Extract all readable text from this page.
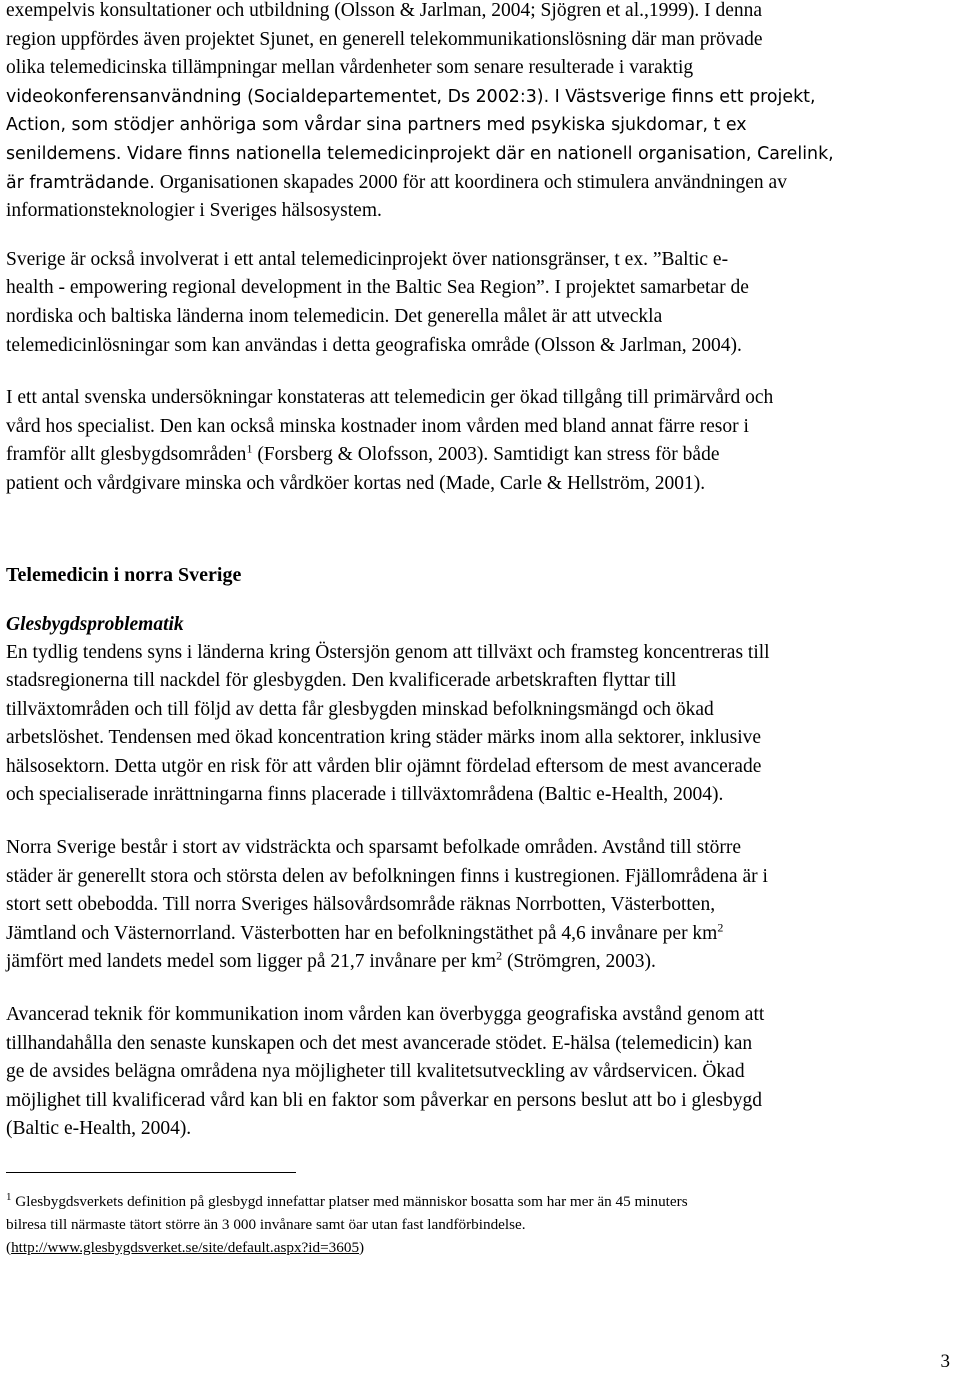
exempelvis konsultationer och utbildning (Olsson & Jarlman, 2004; Sjögren et al.,1999). I denna
region uppfördes även projektet Sjunet, en generell telekommunikationslösning där man prövade
olika telemedicinska tillämpningar mellan vårdenheter som senare resulterade i varaktig
videokonferensanvändning (Socialdepartementet, Ds 2002:3). I Västsverige finns ett projekt,
Action, som stödjer anhöriga som vårdar sina partners med psykiska sjukdomar, t ex
senildemens. Vidare finns nationella telemedicinprojekt där en nationell organisation, Carelink,
är framträdande. Organisationen skapades 2000 för att koordinera och stimulera användningen av
informationsteknologier i Sveriges hälsosystem.

Sverige är också involverat i ett antal telemedicinprojekt över nationsgränser, t ex. ”Baltic e-
health - empowering regional development in the Baltic Sea Region”. I projektet samarbetar de
nordiska och baltiska länderna inom telemedicin. Det generella målet är att utveckla
telemedicinlösningar som kan användas i detta geografiska område (Olsson & Jarlman, 2004).

I ett antal svenska undersökningar konstateras att telemedicin ger ökad tillgång till primärvård och
vård hos specialist. Den kan också minska kostnader inom vården med bland annat färre resor i
framför allt glesbygdsområden$^1$ (Forsberg & Olofsson, 2003). Samtidigt kan stress för både
patient och vårdgivare minska och vårdköer kortas ned (Made, Carle & Hellström, 2001).

Telemedicin i norra Sverige
Glesbygdsproblematik

En tydlig tendens syns i länderna kring Östersjön genom att tillväxt och framsteg koncentreras till
stadsregionerna till nackdel för glesbygden. Den kvalificerade arbetskraften flyttar till
tillväxtområden och till följd av detta får glesbygden minskad befolkningsmängd och ökad
arbetslöshet. Tendensen med ökad koncentration kring städer märks inom alla sektorer, inklusive
hälsosektorn. Detta utgör en risk för att vården blir ojämnt fördelad eftersom de mest avancerade
och specialiserade inrättningarna finns placerade i tillväxtområdena (Baltic e-Health, 2004).

Norra Sverige består i stort av vidsträckta och sparsamt befolkade områden. Avstånd till större
städer är generellt stora och största delen av befolkningen finns i kustregionen. Fjällområdena är i
stort sett obebodda. Till norra Sveriges hälsovårdsområde räknas Norrbotten, Västerbotten,
Jämtland och Västernorrland. Västerbotten har en befolkningstäthet på 4,6 invånare per $km^2$
jämfört med landets medel som ligger på 21,7 invånare per $km^2$ (Strömgren, 2003).

Avancerad teknik för kommunikation inom vården kan överbygga geografiska avstånd genom att
tillhandahålla den senaste kunskapen och det mest avancerade stödet. E-hälsa (telemedicin) kan
ge de avsides belägna områdena nya möjligheter till kvalitetsutveckling av vårdservicen. Ökad
möjlighet till kvalificerad vård kan bli en faktor som påverkar en persons beslut att bo i glesbygd
(Baltic e-Health, 2004).

$^1$ Glesbygdsverkets definition på glesbygd innefattar platser med människor bosatta som har mer än 45 minuters
bilresa till närmaste tätort större än 3 000 invånare samt öar utan fast landförbindelse.
(http://www.glesbygdsverket.se/site/default.aspx?id=3605)

3
